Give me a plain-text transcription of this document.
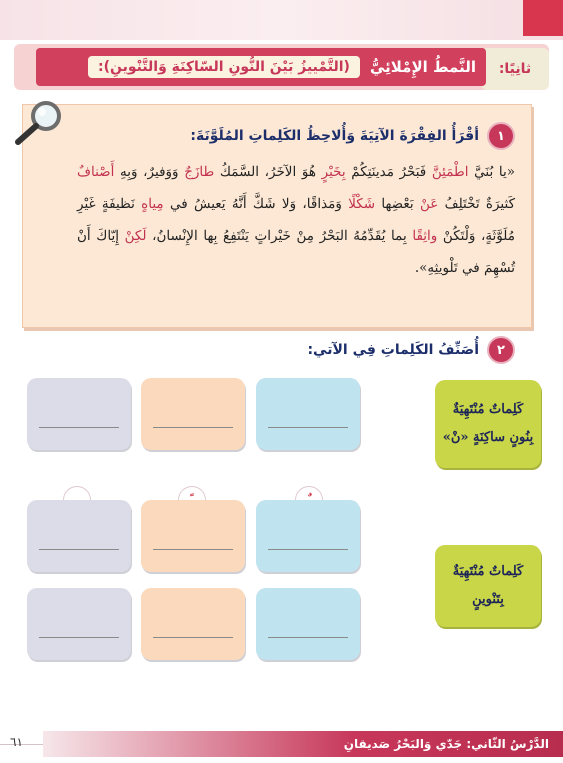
ثانِيًا:
النَّمطُ الإِمْلائِيُّ
(التَّمْييزُ بَيْنَ النُّونِ السّاكِنَةِ وَالتَّنْوينِ):
١
أقْرَأُ الفِقْرَةَ الآتِيَةَ وَأُلاحِظُ الكَلِماتِ المُلَوَّنَةَ:
«يا بُنَيَّ اطْمَئِنَّ فَبَحْرُ مَدينَتِكُمْ بِخَيْرٍ هُوَ الآخَرُ، السَّمَكُ طازَجٌ وَوَفيرٌ، وَبِهِ أَصْنافٌ كَثيرَةٌ تَخْتَلِفُ عَنْ بَعْضِها شَكْلًا وَمَذاقًا، وَلا شَكَّ أَنَّهُ يَعيشُ في مِياهٍ نَظيفَةٍ غَيْرِ مُلَوَّثَةٍ، وَلْتَكُنْ واثِقًا بِما يُقَدِّمُهُ البَحْرُ مِنْ خَيْراتٍ يَنْتَفِعُ بِها الإِنْسانُ، لَكِنْ إِيّاكَ أَنْ تُسْهِمَ في تَلْويثِهِ».
٢
أُصَنِّفُ الكَلِماتِ فِي الآتي:
كَلِماتٌ مُنْتَهِيَةٌ بِنُونٍ ساكِنَةٍ «نْ»
كَلِماتٌ مُنْتَهِيَةٌ بِتَنْوينٍ
الدَّرْسُ الثّاني: جَدّي وَالبَحْرُ صَديقانِ
٦١
